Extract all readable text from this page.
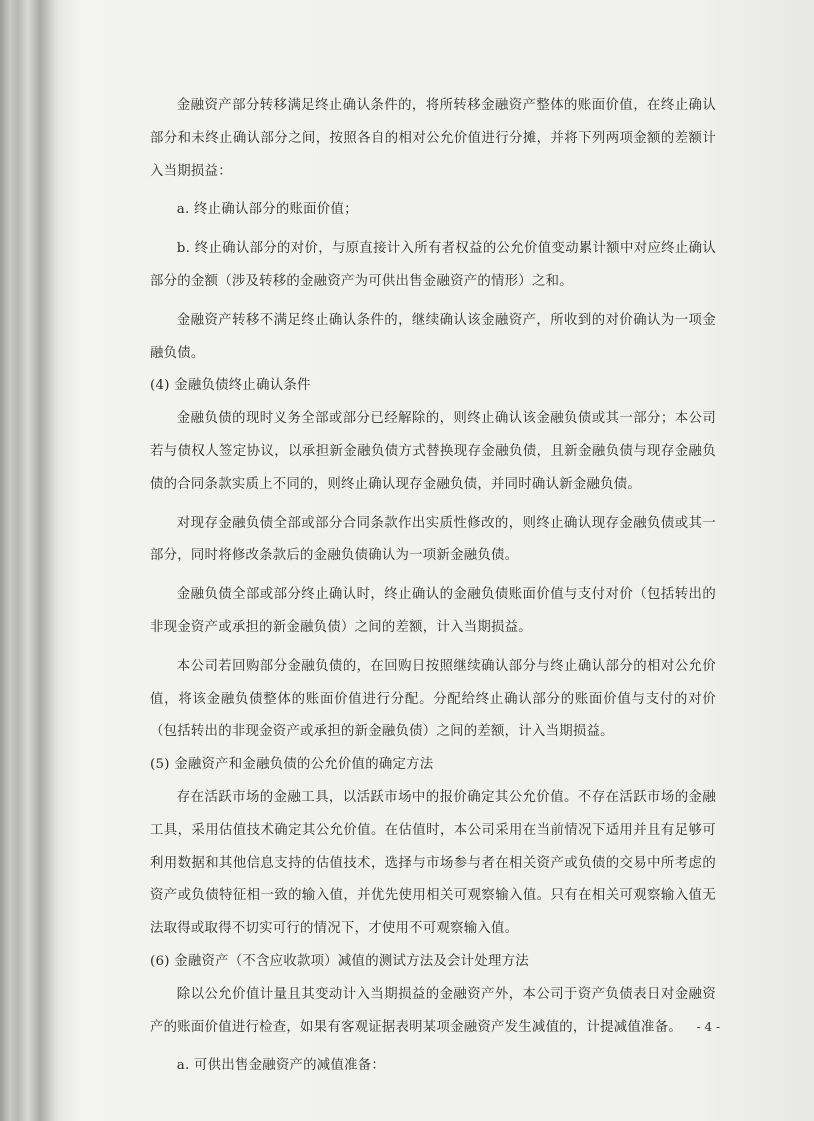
金融资产部分转移满足终止确认条件的，将所转移金融资产整体的账面价值，在终止确认部分和未终止确认部分之间，按照各自的相对公允价值进行分摊，并将下列两项金额的差额计入当期损益：

a. 终止确认部分的账面价值；

b. 终止确认部分的对价，与原直接计入所有者权益的公允价值变动累计额中对应终止确认部分的金额（涉及转移的金融资产为可供出售金融资产的情形）之和。

金融资产转移不满足终止确认条件的，继续确认该金融资产，所收到的对价确认为一项金融负债。

(4) 金融负债终止确认条件

金融负债的现时义务全部或部分已经解除的，则终止确认该金融负债或其一部分；本公司若与债权人签定协议，以承担新金融负债方式替换现存金融负债，且新金融负债与现存金融负债的合同条款实质上不同的，则终止确认现存金融负债，并同时确认新金融负债。

对现存金融负债全部或部分合同条款作出实质性修改的，则终止确认现存金融负债或其一部分，同时将修改条款后的金融负债确认为一项新金融负债。

金融负债全部或部分终止确认时，终止确认的金融负债账面价值与支付对价（包括转出的非现金资产或承担的新金融负债）之间的差额，计入当期损益。

本公司若回购部分金融负债的，在回购日按照继续确认部分与终止确认部分的相对公允价值，将该金融负债整体的账面价值进行分配。分配给终止确认部分的账面价值与支付的对价（包括转出的非现金资产或承担的新金融负债）之间的差额，计入当期损益。

(5) 金融资产和金融负债的公允价值的确定方法

存在活跃市场的金融工具，以活跃市场中的报价确定其公允价值。不存在活跃市场的金融工具，采用估值技术确定其公允价值。在估值时，本公司采用在当前情况下适用并且有足够可利用数据和其他信息支持的估值技术，选择与市场参与者在相关资产或负债的交易中所考虑的资产或负债特征相一致的输入值，并优先使用相关可观察输入值。只有在相关可观察输入值无法取得或取得不切实可行的情况下，才使用不可观察输入值。

(6) 金融资产（不含应收款项）减值的测试方法及会计处理方法

除以公允价值计量且其变动计入当期损益的金融资产外，本公司于资产负债表日对金融资产的账面价值进行检查，如果有客观证据表明某项金融资产发生减值的，计提减值准备。

a. 可供出售金融资产的减值准备：

- 4 -
